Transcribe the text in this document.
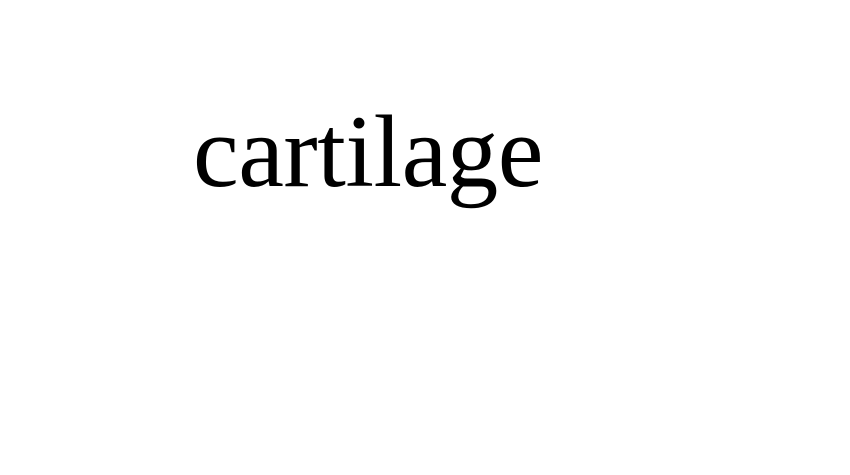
cartilage
